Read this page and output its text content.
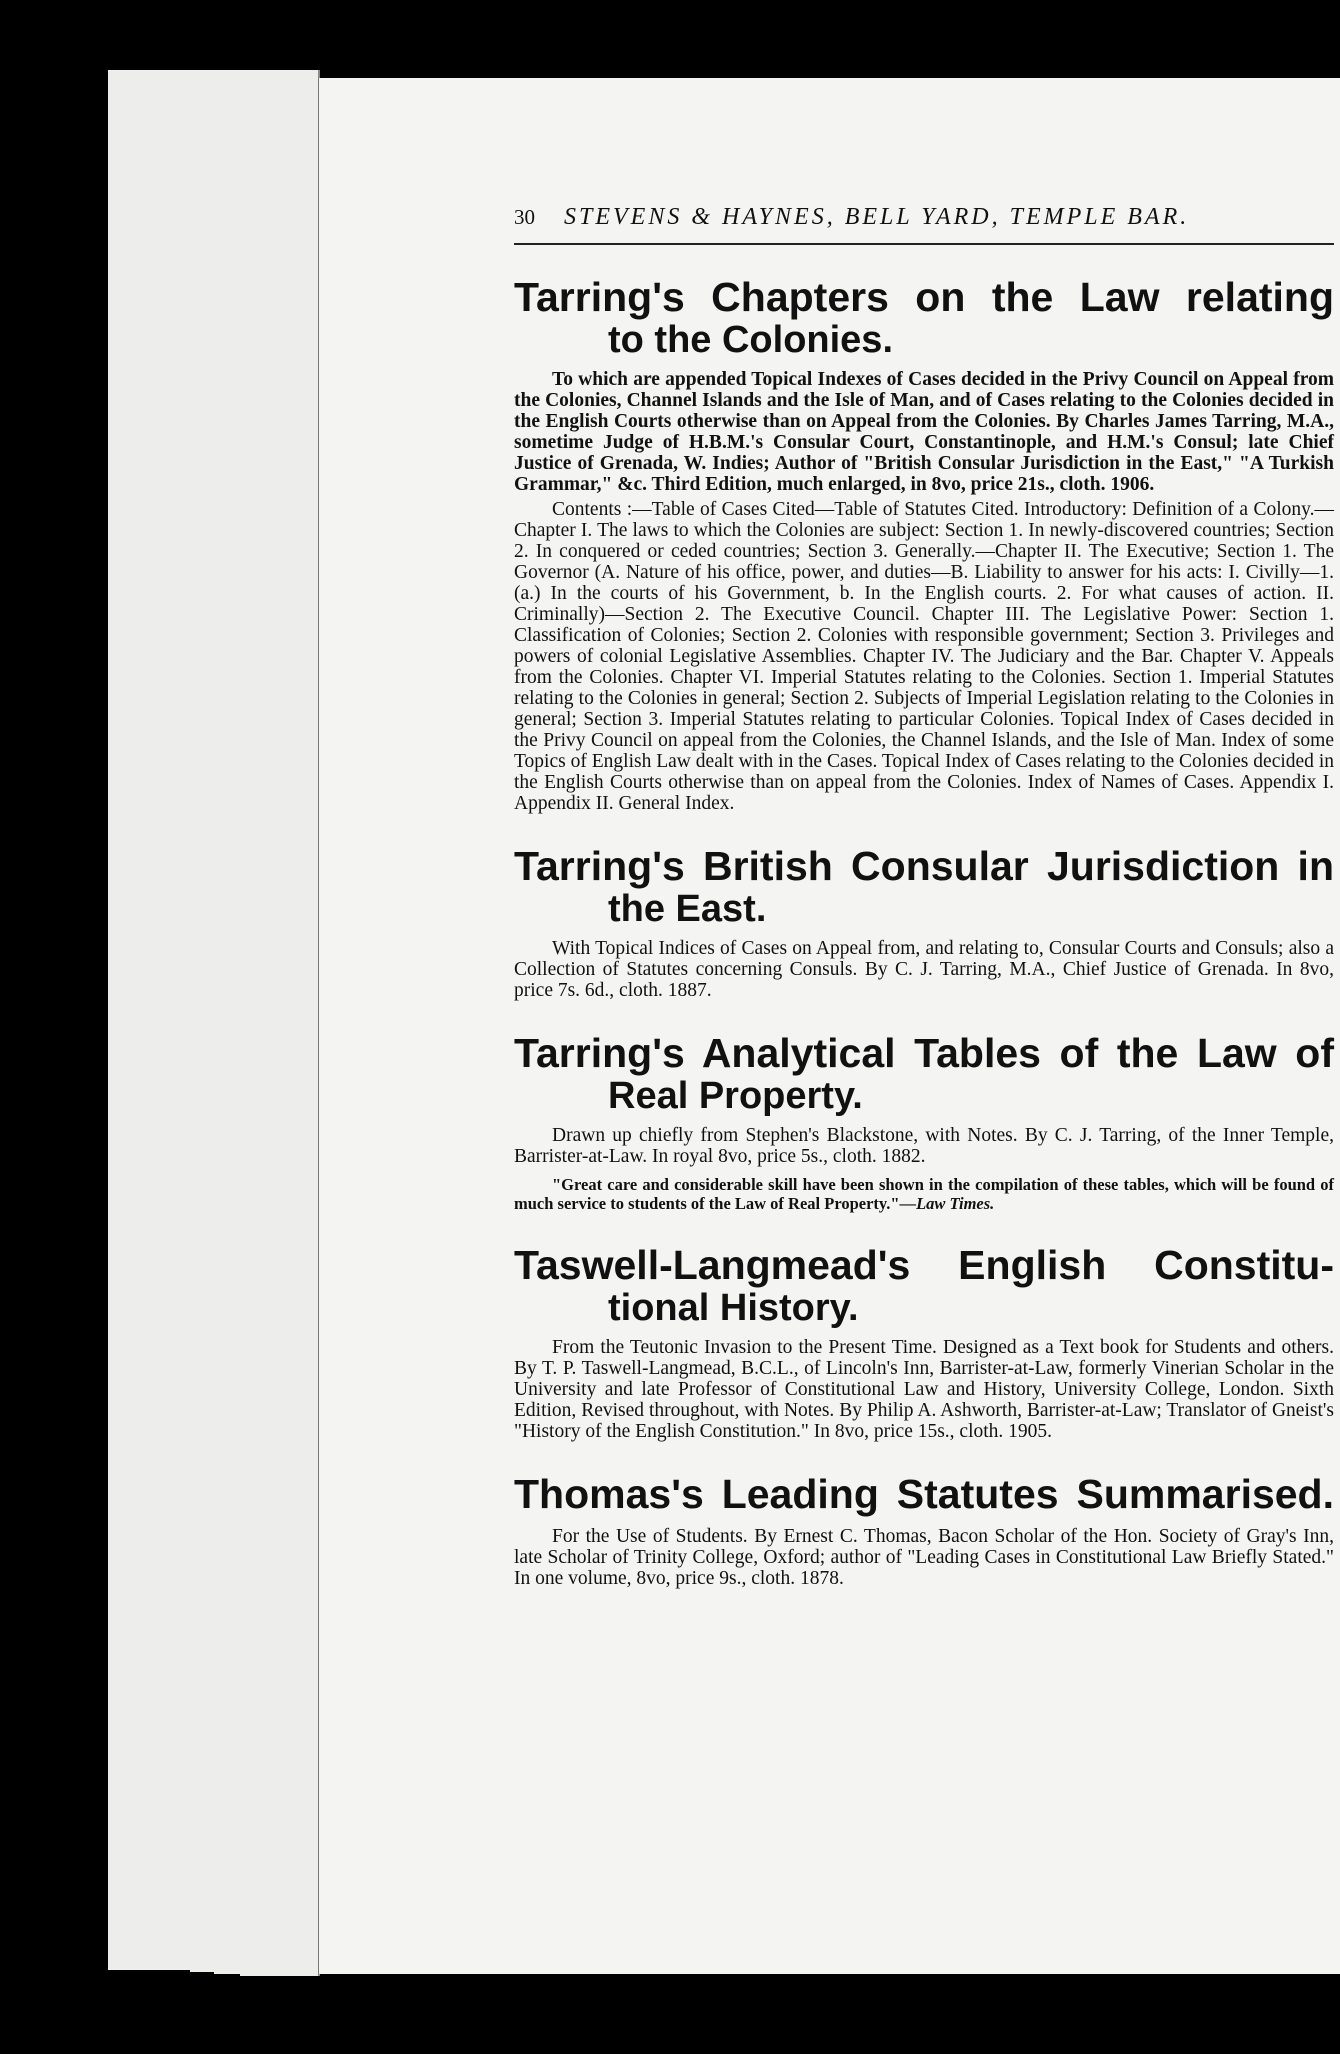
30	STEVENS & HAYNES, BELL YARD, TEMPLE BAR.
Tarring's Chapters on the Law relating
to the Colonies.

To which are appended Topical Indexes of Cases decided in the Privy Council on Appeal from the Colonies, Channel Islands and the Isle of Man, and of Cases relating to the Colonies decided in the English Courts otherwise than on Appeal from the Colonies. By Charles James Tarring, M.A., sometime Judge of H.B.M.'s Consular Court, Constantinople, and H.M.'s Consul; late Chief Justice of Grenada, W. Indies; Author of "British Consular Jurisdiction in the East," "A Turkish Grammar," &c. Third Edition, much enlarged, in 8vo, price 21s., cloth. 1906.

Contents :—Table of Cases Cited—Table of Statutes Cited. Introductory: Definition of a Colony.—Chapter I. The laws to which the Colonies are subject: Section 1. In newly-discovered countries; Section 2. In conquered or ceded countries; Section 3. Generally.—Chapter II. The Executive; Section 1. The Governor (A. Nature of his office, power, and duties—B. Liability to answer for his acts: I. Civilly—1. (a.) In the courts of his Government, b. In the English courts. 2. For what causes of action. II. Criminally)—Section 2. The Executive Council. Chapter III. The Legislative Power: Section 1. Classification of Colonies; Section 2. Colonies with responsible government; Section 3. Privileges and powers of colonial Legislative Assemblies. Chapter IV. The Judiciary and the Bar. Chapter V. Appeals from the Colonies. Chapter VI. Imperial Statutes relating to the Colonies. Section 1. Imperial Statutes relating to the Colonies in general; Section 2. Subjects of Imperial Legislation relating to the Colonies in general; Section 3. Imperial Statutes relating to particular Colonies. Topical Index of Cases decided in the Privy Council on appeal from the Colonies, the Channel Islands, and the Isle of Man. Index of some Topics of English Law dealt with in the Cases. Topical Index of Cases relating to the Colonies decided in the English Courts otherwise than on appeal from the Colonies. Index of Names of Cases. Appendix I. Appendix II. General Index.

Tarring's British Consular Jurisdiction in
the East.

With Topical Indices of Cases on Appeal from, and relating to, Consular Courts and Consuls; also a Collection of Statutes concerning Consuls. By C. J. Tarring, M.A., Chief Justice of Grenada. In 8vo, price 7s. 6d., cloth. 1887.

Tarring's Analytical Tables of the Law of
Real Property.

Drawn up chiefly from Stephen's Blackstone, with Notes. By C. J. Tarring, of the Inner Temple, Barrister-at-Law. In royal 8vo, price 5s., cloth. 1882.

"Great care and considerable skill have been shown in the compilation of these tables, which will be found of much service to students of the Law of Real Property."—Law Times.

Taswell-Langmead's English Constitu-
tional History.

From the Teutonic Invasion to the Present Time. Designed as a Text book for Students and others. By T. P. Taswell-Langmead, B.C.L., of Lincoln's Inn, Barrister-at-Law, formerly Vinerian Scholar in the University and late Professor of Constitutional Law and History, University College, London. Sixth Edition, Revised throughout, with Notes. By Philip A. Ashworth, Barrister-at-Law; Translator of Gneist's "History of the English Constitution." In 8vo, price 15s., cloth. 1905.

Thomas's Leading Statutes Summarised.

For the Use of Students. By Ernest C. Thomas, Bacon Scholar of the Hon. Society of Gray's Inn, late Scholar of Trinity College, Oxford; author of "Leading Cases in Constitutional Law Briefly Stated." In one volume, 8vo, price 9s., cloth. 1878.
